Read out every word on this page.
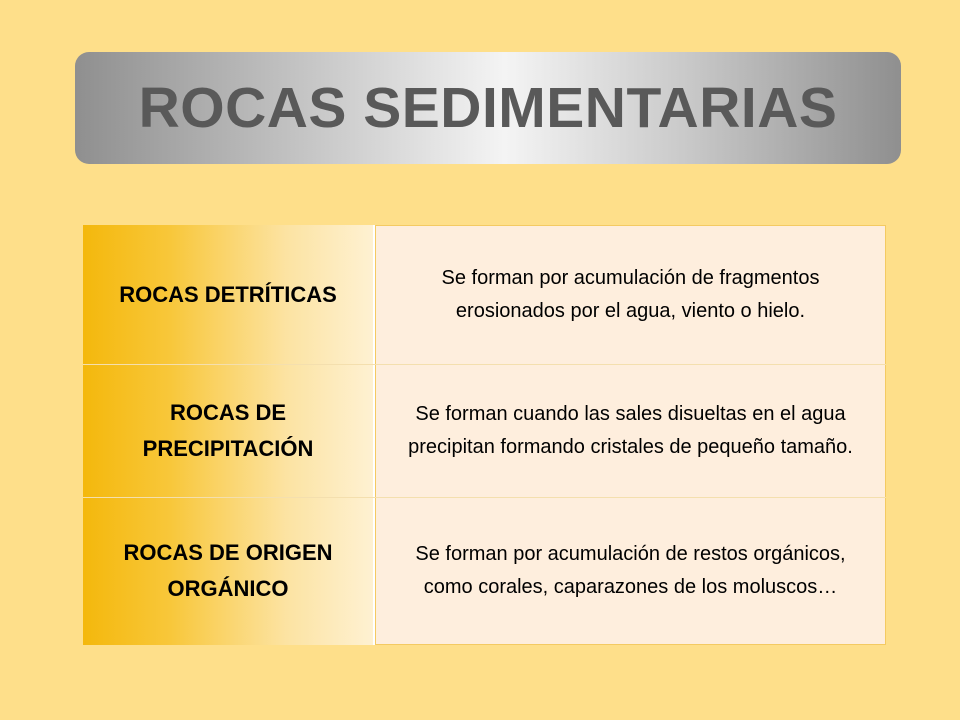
ROCAS SEDIMENTARIAS
ROCAS DETRÍTICAS
Se forman por acumulación de fragmentos erosionados por el agua, viento o hielo.
ROCAS DE PRECIPITACIÓN
Se forman cuando las sales disueltas en el agua precipitan formando cristales de pequeño tamaño.
ROCAS DE ORIGEN ORGÁNICO
Se forman por acumulación de restos orgánicos, como corales, caparazones de los moluscos…
